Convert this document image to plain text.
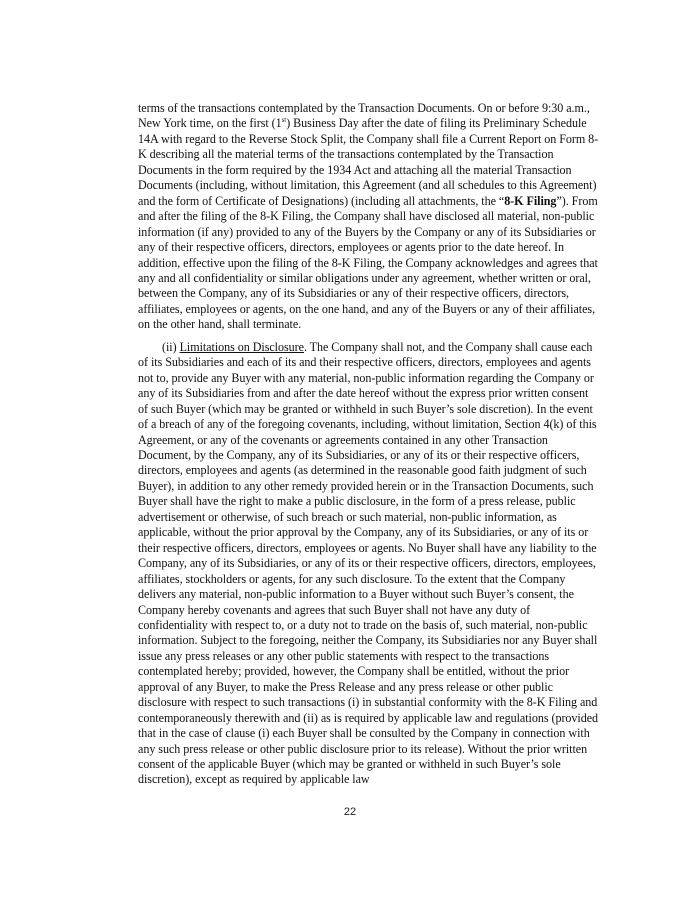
terms of the transactions contemplated by the Transaction Documents. On or before 9:30 a.m., New York time, on the first (1st) Business Day after the date of filing its Preliminary Schedule 14A with regard to the Reverse Stock Split, the Company shall file a Current Report on Form 8-K describing all the material terms of the transactions contemplated by the Transaction Documents in the form required by the 1934 Act and attaching all the material Transaction Documents (including, without limitation, this Agreement (and all schedules to this Agreement) and the form of Certificate of Designations) (including all attachments, the “8-K Filing”). From and after the filing of the 8-K Filing, the Company shall have disclosed all material, non-public information (if any) provided to any of the Buyers by the Company or any of its Subsidiaries or any of their respective officers, directors, employees or agents prior to the date hereof. In addition, effective upon the filing of the 8-K Filing, the Company acknowledges and agrees that any and all confidentiality or similar obligations under any agreement, whether written or oral, between the Company, any of its Subsidiaries or any of their respective officers, directors, affiliates, employees or agents, on the one hand, and any of the Buyers or any of their affiliates, on the other hand, shall terminate.

(ii) Limitations on Disclosure. The Company shall not, and the Company shall cause each of its Subsidiaries and each of its and their respective officers, directors, employees and agents not to, provide any Buyer with any material, non-public information regarding the Company or any of its Subsidiaries from and after the date hereof without the express prior written consent of such Buyer (which may be granted or withheld in such Buyer’s sole discretion). In the event of a breach of any of the foregoing covenants, including, without limitation, Section 4(k) of this Agreement, or any of the covenants or agreements contained in any other Transaction Document, by the Company, any of its Subsidiaries, or any of its or their respective officers, directors, employees and agents (as determined in the reasonable good faith judgment of such Buyer), in addition to any other remedy provided herein or in the Transaction Documents, such Buyer shall have the right to make a public disclosure, in the form of a press release, public advertisement or otherwise, of such breach or such material, non-public information, as applicable, without the prior approval by the Company, any of its Subsidiaries, or any of its or their respective officers, directors, employees or agents. No Buyer shall have any liability to the Company, any of its Subsidiaries, or any of its or their respective officers, directors, employees, affiliates, stockholders or agents, for any such disclosure. To the extent that the Company delivers any material, non-public information to a Buyer without such Buyer’s consent, the Company hereby covenants and agrees that such Buyer shall not have any duty of confidentiality with respect to, or a duty not to trade on the basis of, such material, non-public information. Subject to the foregoing, neither the Company, its Subsidiaries nor any Buyer shall issue any press releases or any other public statements with respect to the transactions contemplated hereby; provided, however, the Company shall be entitled, without the prior approval of any Buyer, to make the Press Release and any press release or other public disclosure with respect to such transactions (i) in substantial conformity with the 8-K Filing and contemporaneously therewith and (ii) as is required by applicable law and regulations (provided that in the case of clause (i) each Buyer shall be consulted by the Company in connection with any such press release or other public disclosure prior to its release). Without the prior written consent of the applicable Buyer (which may be granted or withheld in such Buyer’s sole discretion), except as required by applicable law

22
